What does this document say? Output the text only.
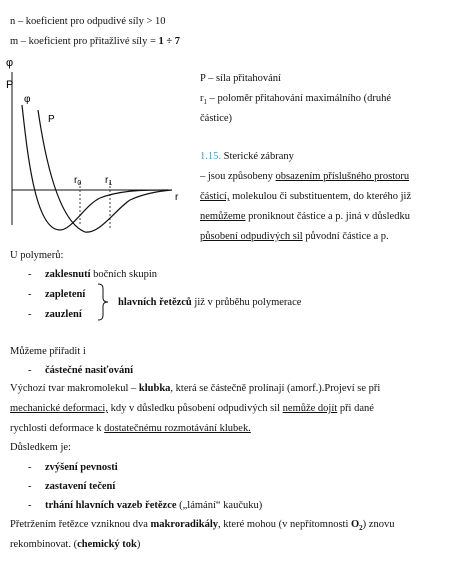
n – koeficient pro odpudivé síly > 10
m – koeficient pro přitažlivé síly = 1 ÷ 7
φ
P
φ
P
$r_0$ $r_1$
r
P – síla přitahování
$r_1$ – poloměr přitahování maximálního (druhé
částice)
1.15. Sterické zábrany
– jsou způsobeny obsazením příslušného prostoru
částicí, molekulou či substituentem, do kterého již
nemůžeme proniknout částice a p. jiná v důsledku
působení odpudivých sil původní částice a p.
U polymerů:
- zaklesnutí bočních skupin
- zapletení
- zauzlení
hlavních řetězců již v průběhu polymerace
Můžeme přiřadit i
- částečné nasiťování
Výchozí tvar makromolekul – klubka, která se částečně prolínají (amorf.).Projeví se při
mechanické deformaci, kdy v důsledku působení odpudivých sil nemůže dojít při dané
rychlosti deformace k dostatečnému rozmotávání klubek.
Důsledkem je:
- zvýšení pevnosti
- zastavení tečení
- trhání hlavních vazeb řetězce („lámání“ kaučuku)
Přetržením řetězce vzniknou dva makroradikály, které mohou (v nepřítomnosti $O_2$) znovu
rekombinovat. (chemický tok)
